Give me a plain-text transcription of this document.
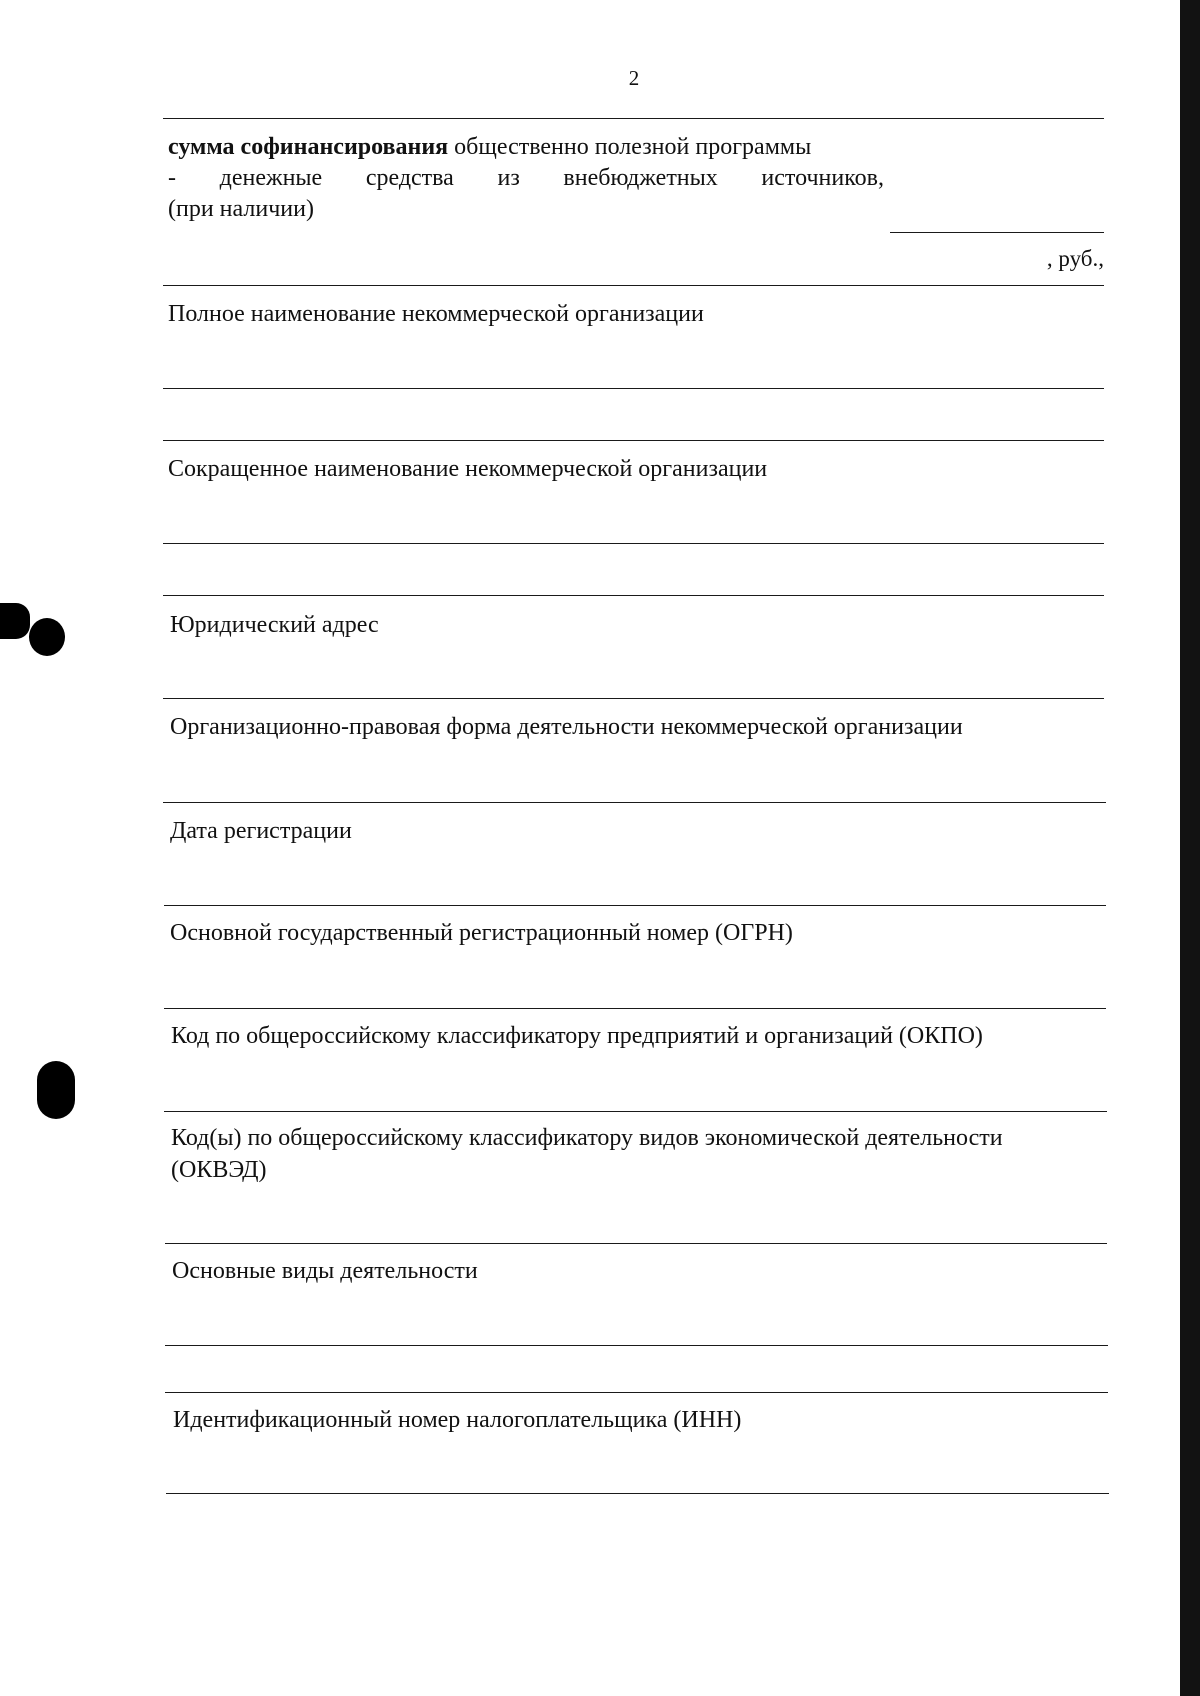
2
сумма софинансирования общественно полезной программы
- денежные средства из внебюджетных источников,
(при наличии)
, руб.,
Полное наименование некоммерческой организации
Сокращенное наименование некоммерческой организации
Юридический адрес
Организационно-правовая форма деятельности некоммерческой организации
Дата регистрации
Основной государственный регистрационный номер (ОГРН)
Код по общероссийскому классификатору предприятий и организаций (ОКПО)
Код(ы) по общероссийскому классификатору видов экономической деятельности
(ОКВЭД)
Основные виды деятельности
Идентификационный номер налогоплательщика (ИНН)
